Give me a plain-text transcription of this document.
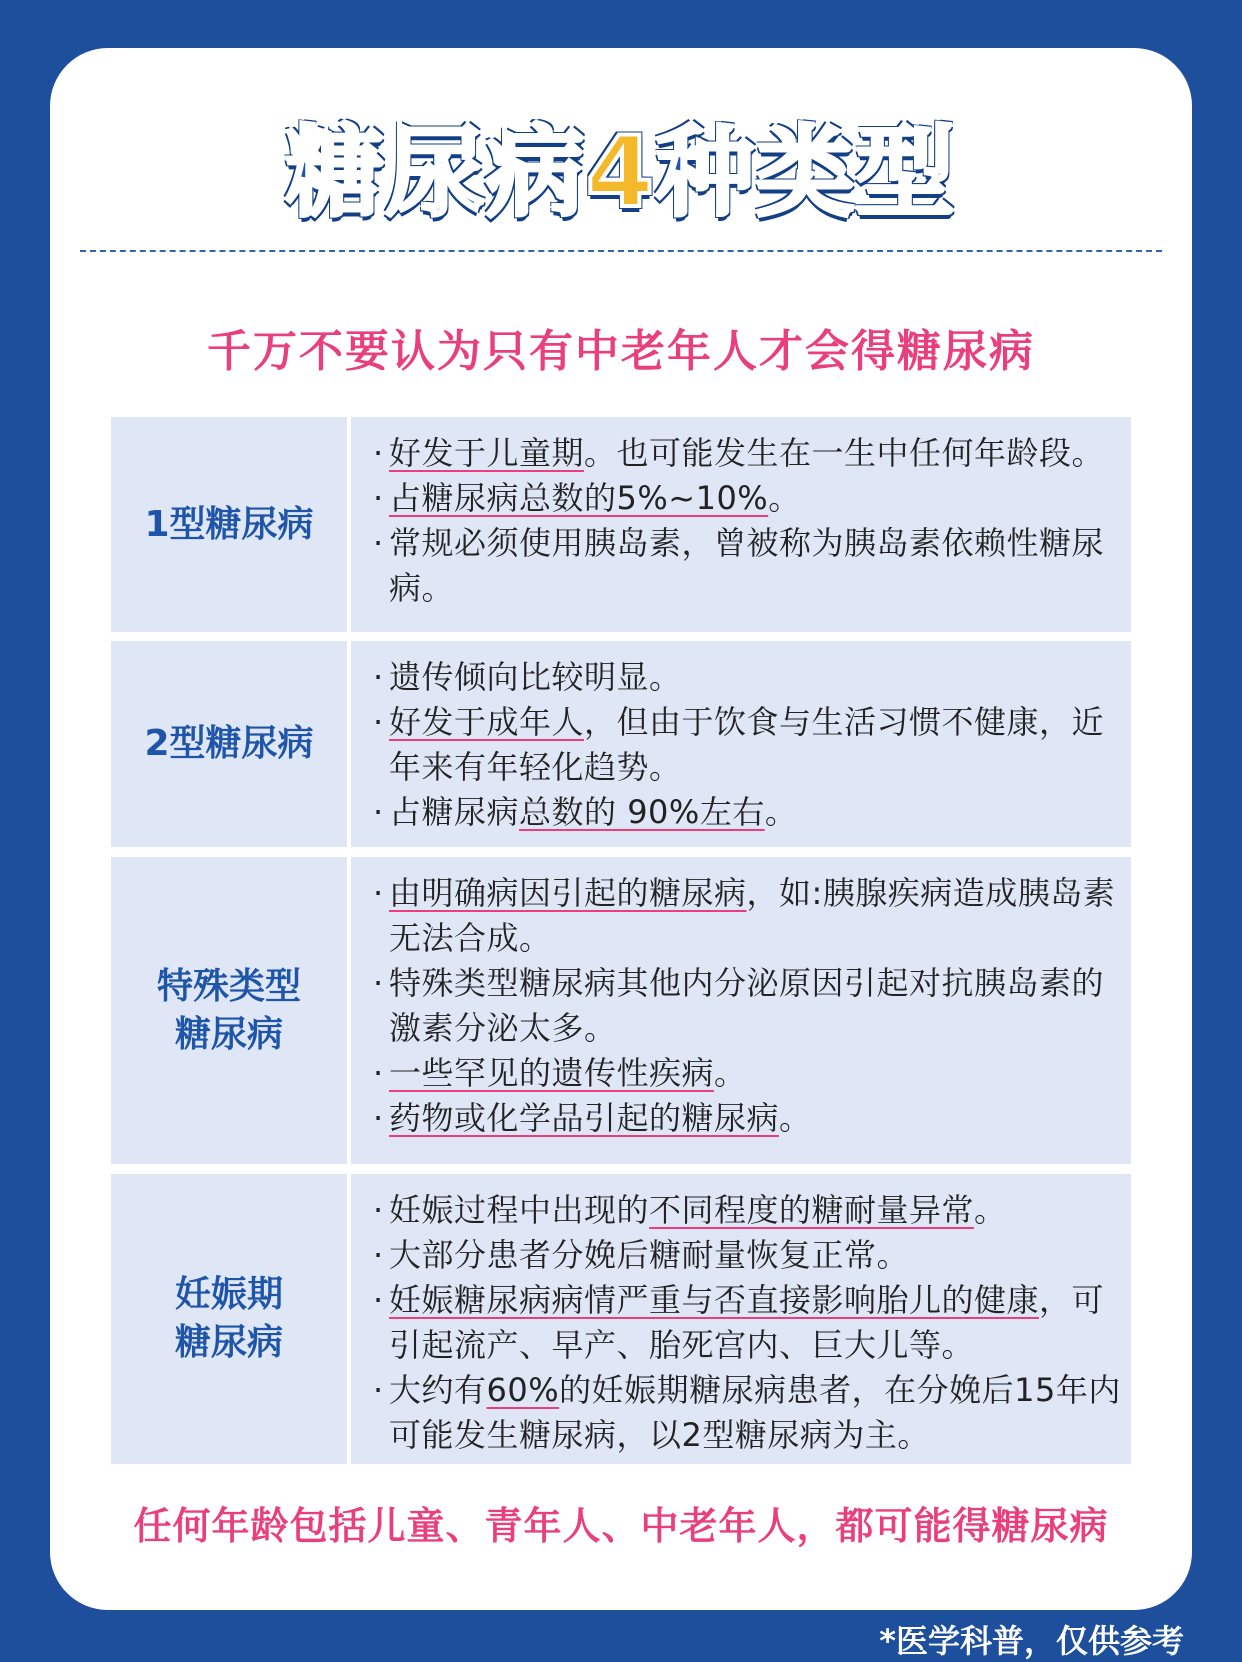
糖尿病4种类型
千万不要认为只有中老年人才会得糖尿病
1型糖尿病
· 好发于儿童期。也可能发生在一生中任何年龄段。
· 占糖尿病总数的5%~10%。
· 常规必须使用胰岛素，曾被称为胰岛素依赖性糖尿病。
2型糖尿病
· 遗传倾向比较明显。
· 好发于成年人，但由于饮食与生活习惯不健康，近年来有年轻化趋势。
· 占糖尿病总数的 90%左右。
特殊类型
糖尿病
· 由明确病因引起的糖尿病，如:胰腺疾病造成胰岛素无法合成。
· 特殊类型糖尿病其他内分泌原因引起对抗胰岛素的激素分泌太多。
· 一些罕见的遗传性疾病。
· 药物或化学品引起的糖尿病。
妊娠期
糖尿病
· 妊娠过程中出现的不同程度的糖耐量异常。
· 大部分患者分娩后糖耐量恢复正常。
· 妊娠糖尿病病情严重与否直接影响胎儿的健康，可引起流产、早产、胎死宫内、巨大儿等。
· 大约有60%的妊娠期糖尿病患者，在分娩后15年内可能发生糖尿病，以2型糖尿病为主。
任何年龄包括儿童、青年人、中老年人，都可能得糖尿病
*医学科普，仅供参考
